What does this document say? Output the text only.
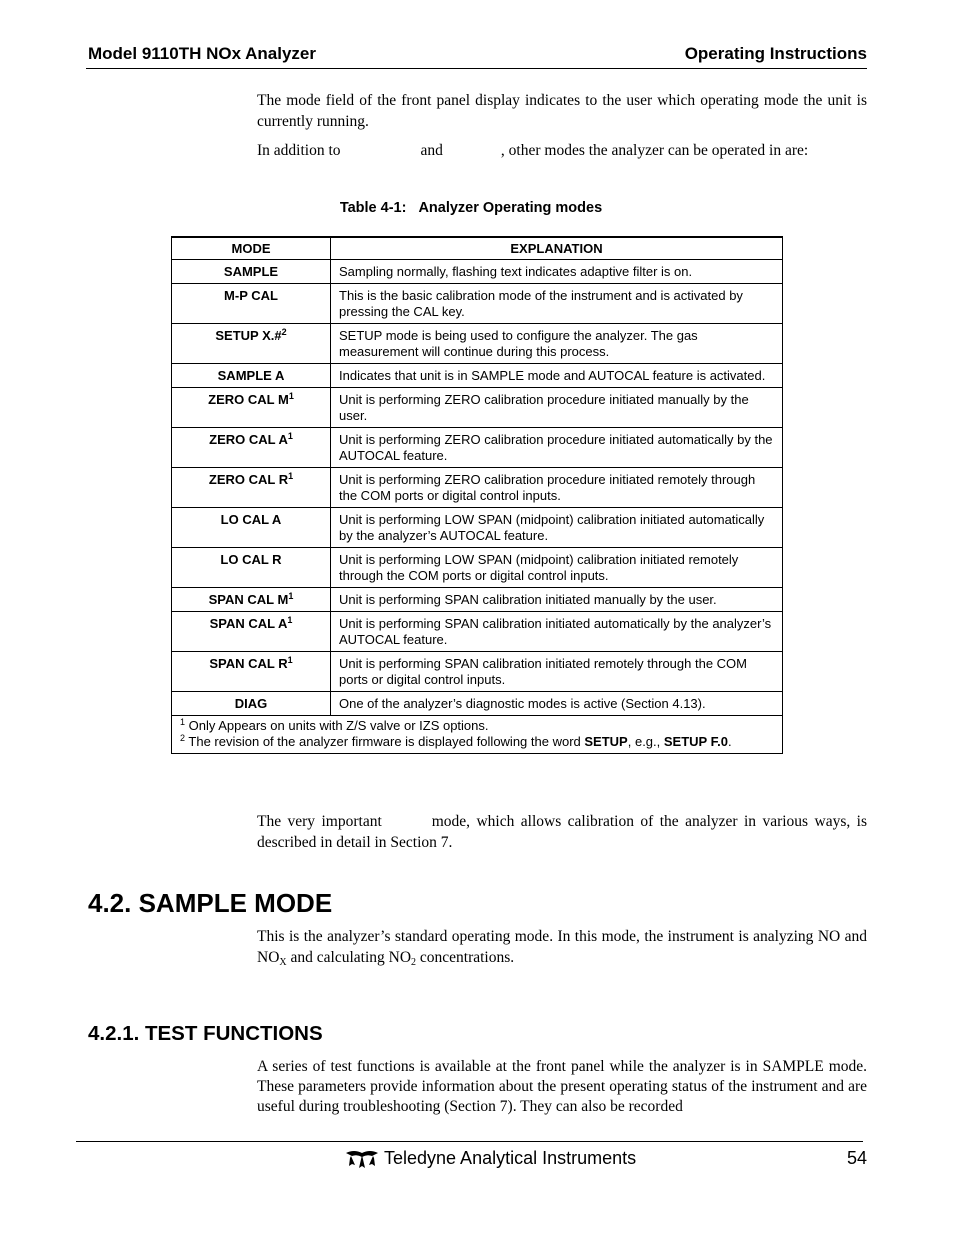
Model 9110TH NOx Analyzer	Operating Instructions

The mode field of the front panel display indicates to the user which operating mode the unit is currently running.

In addition to	and	, other modes the analyzer can be operated in are:

Table 4-1: Analyzer Operating modes
MODE	EXPLANATION
SAMPLE	Sampling normally, flashing text indicates adaptive filter is on.
M-P CAL	This is the basic calibration mode of the instrument and is activated by pressing the CAL key.
SETUP X.#$^2$	SETUP mode is being used to configure the analyzer. The gas measurement will continue during this process.
SAMPLE A	Indicates that unit is in SAMPLE mode and AUTOCAL feature is activated.
ZERO CAL $M^1$	Unit is performing ZERO calibration procedure initiated manually by the user.
ZERO CAL $A^1$	Unit is performing ZERO calibration procedure initiated automatically by the AUTOCAL feature.
ZERO CAL $R^1$	Unit is performing ZERO calibration procedure initiated remotely through the COM ports or digital control inputs.
LO CAL A	Unit is performing LOW SPAN (midpoint) calibration initiated automatically by the analyzer’s AUTOCAL feature.
LO CAL R	Unit is performing LOW SPAN (midpoint) calibration initiated remotely through the COM ports or digital control inputs.
SPAN CAL $M^1$	Unit is performing SPAN calibration initiated manually by the user.
SPAN CAL $A^1$	Unit is performing SPAN calibration initiated automatically by the analyzer’s AUTOCAL feature.
SPAN CAL $R^1$	Unit is performing SPAN calibration initiated remotely through the COM ports or digital control inputs.
DIAG	One of the analyzer’s diagnostic modes is active (Section 4.13).

$^1$ Only Appears on units with Z/S valve or IZS options.
$^2$ The revision of the analyzer firmware is displayed following the word SETUP, e.g., SETUP F.0.	

The very important	mode, which allows calibration of the analyzer in various ways, is described in detail in Section 7.

4.2. SAMPLE MODE

This is the analyzer’s standard operating mode. In this mode, the instrument is analyzing NO and $NO_X$ and calculating $NO_2$ concentrations.

4.2.1. TEST FUNCTIONS

A series of test functions is available at the front panel while the analyzer is in SAMPLE mode. These parameters provide information about the present operating status of the instrument and are useful during troubleshooting (Section 7). They can also be recorded

Teledyne Analytical Instruments	54
